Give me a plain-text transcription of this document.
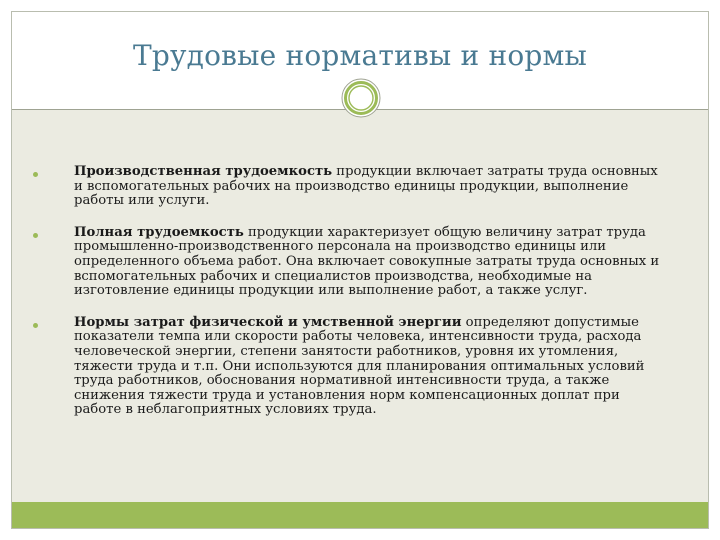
Трудовые нормативы и нормы
Производственная трудоемкость продукции включает затраты труда основных и вспомогательных рабочих на производство единицы продукции, выполнение работы или услуги.
Полная трудоемкость продукции характеризует общую величину затрат труда промышленно-производственного персонала на производство единицы или определенного объема работ. Она включает совокупные затраты труда основных и вспомогательных рабочих и специалистов производства, необходимые на изготовление единицы продукции или выполнение работ, а также услуг.
Нормы затрат физической и умственной энергии определяют допустимые показатели темпа или скорости работы человека, интенсивности труда, расхода человеческой энергии, степени занятости работников, уровня их утомления, тяжести труда и т.п. Они используются для планирования оптимальных условий труда работников, обоснования нормативной интенсивности труда, а также снижения тяжести труда и установления норм компенсационных доплат при работе в неблагоприятных условиях труда.
